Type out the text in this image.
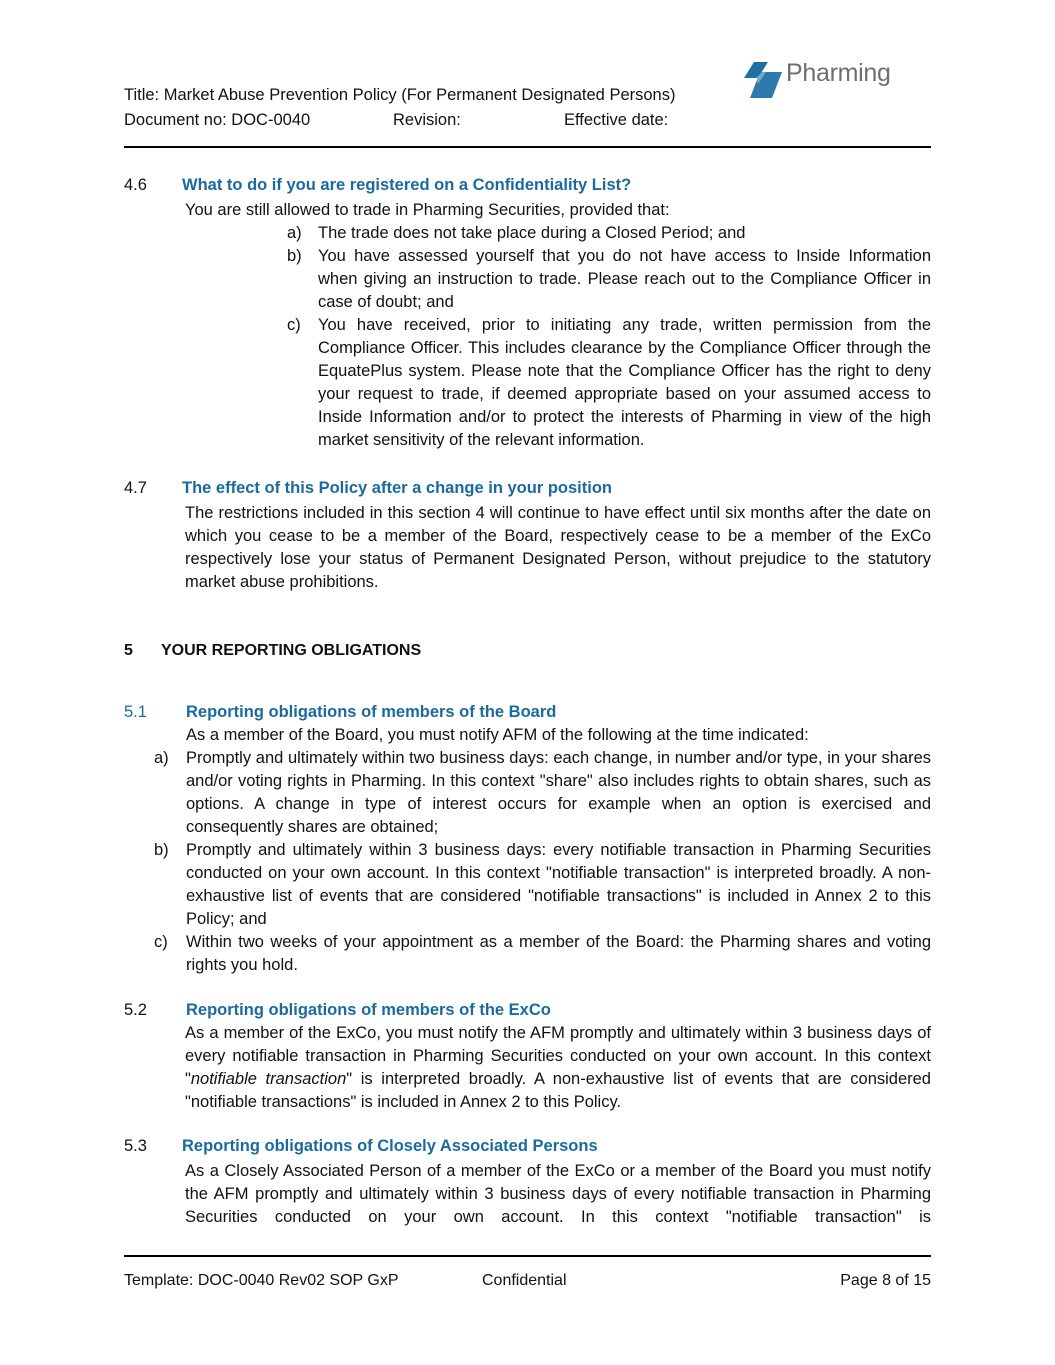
Title: Market Abuse Prevention Policy (For Permanent Designated Persons)
Document no: DOC-0040	Revision:	Effective date:
Pharming
4.6 What to do if you are registered on a Confidentiality List?
You are still allowed to trade in Pharming Securities, provided that:
a) The trade does not take place during a Closed Period; and
b) You have assessed yourself that you do not have access to Inside Information when giving an instruction to trade. Please reach out to the Compliance Officer in case of doubt; and
c) You have received, prior to initiating any trade, written permission from the Compliance Officer. This includes clearance by the Compliance Officer through the EquatePlus system. Please note that the Compliance Officer has the right to deny your request to trade, if deemed appropriate based on your assumed access to Inside Information and/or to protect the interests of Pharming in view of the high market sensitivity of the relevant information.
4.7 The effect of this Policy after a change in your position
The restrictions included in this section 4 will continue to have effect until six months after the date on which you cease to be a member of the Board, respectively cease to be a member of the ExCo respectively lose your status of Permanent Designated Person, without prejudice to the statutory market abuse prohibitions.
5 YOUR REPORTING OBLIGATIONS
5.1 Reporting obligations of members of the Board
As a member of the Board, you must notify AFM of the following at the time indicated:
a) Promptly and ultimately within two business days: each change, in number and/or type, in your shares and/or voting rights in Pharming. In this context "share" also includes rights to obtain shares, such as options. A change in type of interest occurs for example when an option is exercised and consequently shares are obtained;
b) Promptly and ultimately within 3 business days: every notifiable transaction in Pharming Securities conducted on your own account. In this context "notifiable transaction" is interpreted broadly. A non-exhaustive list of events that are considered "notifiable transactions" is included in Annex 2 to this Policy; and
c) Within two weeks of your appointment as a member of the Board: the Pharming shares and voting rights you hold.
5.2 Reporting obligations of members of the ExCo
As a member of the ExCo, you must notify the AFM promptly and ultimately within 3 business days of every notifiable transaction in Pharming Securities conducted on your own account. In this context "notifiable transaction" is interpreted broadly. A non-exhaustive list of events that are considered "notifiable transactions" is included in Annex 2 to this Policy.
5.3 Reporting obligations of Closely Associated Persons
As a Closely Associated Person of a member of the ExCo or a member of the Board you must notify the AFM promptly and ultimately within 3 business days of every notifiable transaction in Pharming Securities conducted on your own account. In this context "notifiable transaction" is
Template: DOC-0040 Rev02 SOP GxP	Confidential	Page 8 of 15
